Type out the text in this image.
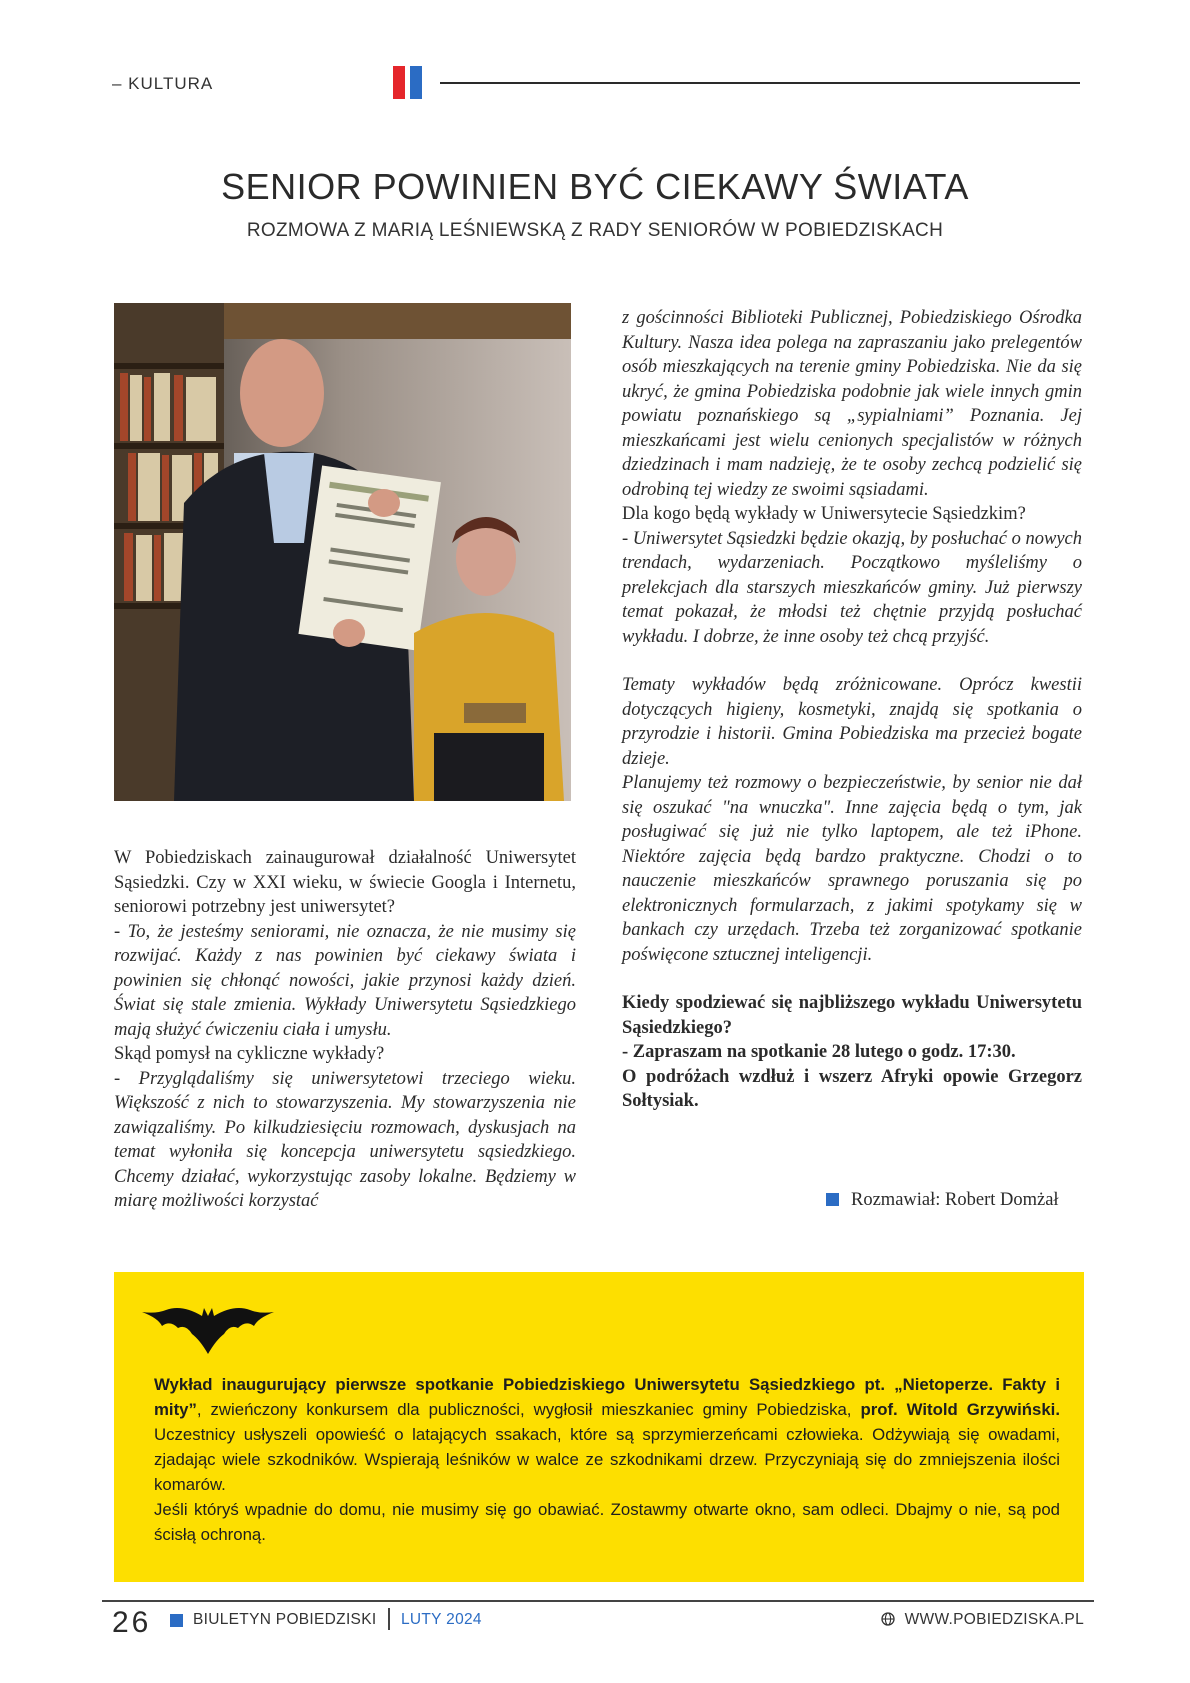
– KULTURA
SENIOR POWINIEN BYĆ CIEKAWY ŚWIATA
ROZMOWA Z MARIĄ LEŚNIEWSKĄ Z RADY SENIORÓW W POBIEDZISKACH

W Pobiedziskach zainaugurował działalność Uniwersytet Sąsiedzki. Czy w XXI wieku, w świecie Googla i Internetu, seniorowi potrzebny jest uniwersytet?

- To, że jesteśmy seniorami, nie oznacza, że nie musimy się rozwijać. Każdy z nas powinien być ciekawy świata i powinien się chłonąć nowości, jakie przynosi każdy dzień. Świat się stale zmienia. Wykłady Uniwersytetu Sąsiedzkiego mają służyć ćwiczeniu ciała i umysłu.

Skąd pomysł na cykliczne wykłady?

- Przyglądaliśmy się uniwersytetowi trzeciego wieku. Większość z nich to stowarzyszenia. My stowarzyszenia nie zawiązaliśmy. Po kilkudziesięciu rozmowach, dyskusjach na temat wyłoniła się koncepcja uniwersytetu sąsiedzkiego. Chcemy działać, wykorzystując zasoby lokalne. Będziemy w miarę możliwości korzystać

z gościnności Biblioteki Publicznej, Pobiedziskiego Ośrodka Kultury. Nasza idea polega na zapraszaniu jako prelegentów osób mieszkających na terenie gminy Pobiedziska. Nie da się ukryć, że gmina Pobiedziska podobnie jak wiele innych gmin powiatu poznańskiego są „sypialniami” Poznania. Jej mieszkańcami jest wielu cenionych specjalistów w różnych dziedzinach i mam nadzieję, że te osoby zechcą podzielić się odrobiną tej wiedzy ze swoimi sąsiadami.

Dla kogo będą wykłady w Uniwersytecie Sąsiedzkim?

- Uniwersytet Sąsiedzki będzie okazją, by posłuchać o nowych trendach, wydarzeniach. Początkowo myśleliśmy o prelekcjach dla starszych mieszkańców gminy. Już pierwszy temat pokazał, że młodsi też chętnie przyjdą posłuchać wykładu. I dobrze, że inne osoby też chcą przyjść.

Tematy wykładów będą zróżnicowane. Oprócz kwestii dotyczących higieny, kosmetyki, znajdą się spotkania o przyrodzie i historii. Gmina Pobiedziska ma przecież bogate dzieje.

Planujemy też rozmowy o bezpieczeństwie, by senior nie dał się oszukać "na wnuczka". Inne zajęcia będą o tym, jak posługiwać się już nie tylko laptopem, ale też iPhone. Niektóre zajęcia będą bardzo praktyczne. Chodzi o to nauczenie mieszkańców sprawnego poruszania się po elektronicznych formularzach, z jakimi spotykamy się w bankach czy urzędach. Trzeba też zorganizować spotkanie poświęcone sztucznej inteligencji.

Kiedy spodziewać się najbliższego wykładu Uniwersytetu Sąsiedzkiego?

- Zapraszam na spotkanie 28 lutego o godz. 17:30.

O podróżach wzdłuż i wszerz Afryki opowie Grzegorz Sołtysiak.

Rozmawiał: Robert Domżał

Wykład inaugurujący pierwsze spotkanie Pobiedziskiego Uniwersytetu Sąsiedzkiego pt. „Nietoperze. Fakty i mity”, zwieńczony konkursem dla publiczności, wygłosił mieszkaniec gminy Pobiedziska, prof. Witold Grzywiński. Uczestnicy usłyszeli opowieść o latających ssakach, które są sprzymierzeńcami człowieka. Odżywiają się owadami, zjadając wiele szkodników. Wspierają leśników w walce ze szkodnikami drzew. Przyczyniają się do zmniejszenia ilości komarów.

Jeśli któryś wpadnie do domu, nie musimy się go obawiać. Zostawmy otwarte okno, sam odleci. Dbajmy o nie, są pod ścisłą ochroną.

26	BIULETYN POBIEDZISKI LUTY 2024	WWW.POBIEDZISKA.PL
